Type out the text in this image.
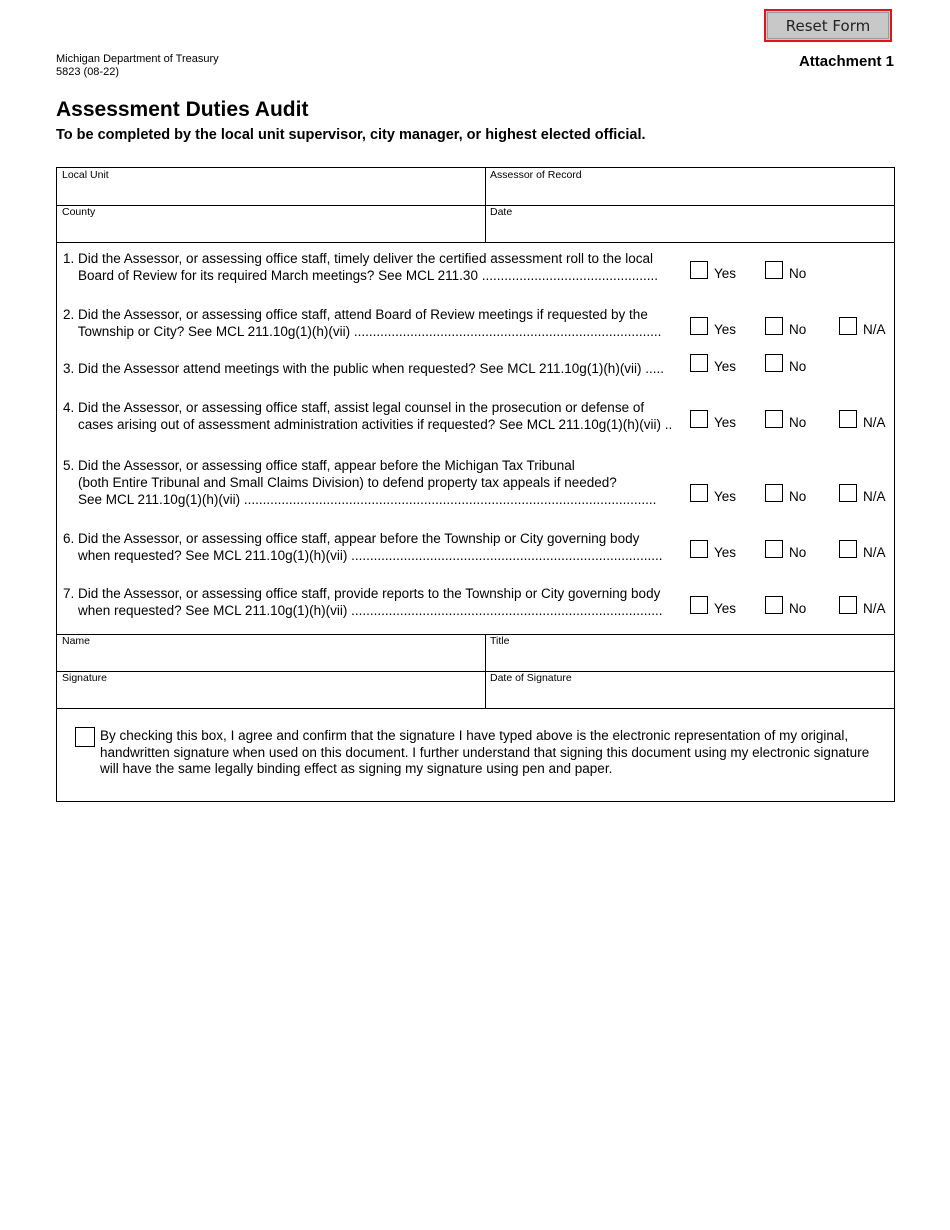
Reset Form
Michigan Department of Treasury
5823 (08-22)
Attachment 1
Assessment Duties Audit
To be completed by the local unit supervisor, city manager, or highest elected official.
Local Unit	Assessor of Record
County	Date
1. Did the Assessor, or assessing office staff, timely deliver the certified assessment roll to the local
Board of Review for its required March meetings? See MCL 211.30 ...............................................	Yes	No
2. Did the Assessor, or assessing office staff, attend Board of Review meetings if requested by the
Township or City? See MCL 211.10g(1)(h)(vii) ..................................................................................	Yes	No	N/A
3. Did the Assessor attend meetings with the public when requested? See MCL 211.10g(1)(h)(vii) .....	Yes	No
4. Did the Assessor, or assessing office staff, assist legal counsel in the prosecution or defense of
cases arising out of assessment administration activities if requested? See MCL 211.10g(1)(h)(vii) ..	Yes	No	N/A
5. Did the Assessor, or assessing office staff, appear before the Michigan Tax Tribunal
(both Entire Tribunal and Small Claims Division) to defend property tax appeals if needed?
See MCL 211.10g(1)(h)(vii) ..............................................................................................................	Yes	No	N/A
6. Did the Assessor, or assessing office staff, appear before the Township or City governing body
when requested? See MCL 211.10g(1)(h)(vii) ...................................................................................	Yes	No	N/A
7. Did the Assessor, or assessing office staff, provide reports to the Township or City governing body
when requested? See MCL 211.10g(1)(h)(vii) ...................................................................................	Yes	No	N/A
Name	Title
Signature	Date of Signature
By checking this box, I agree and confirm that the signature I have typed above is the electronic representation of my original, handwritten signature when used on this document. I further understand that signing this document using my electronic signature will have the same legally binding effect as signing my signature using pen and paper.
